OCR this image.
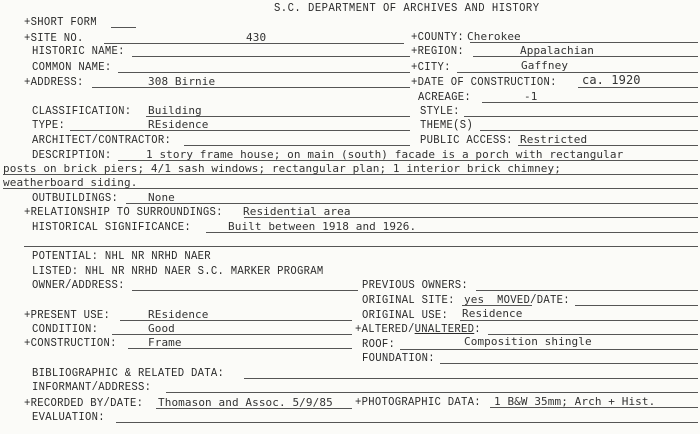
S.C. DEPARTMENT OF ARCHIVES AND HISTORY
+SHORT FORM
+SITE NO.	430	+COUNTY: Cherokee
HISTORIC NAME:	+REGION:	Appalachian
COMMON NAME:	+CITY:	Gaffney
+ADDRESS:	308 Birnie	+DATE OF CONSTRUCTION: ca. 1920
ACREAGE:	-1
CLASSIFICATION: Building	STYLE:
TYPE:	REsidence	THEME(S)
ARCHITECT/CONTRACTOR:	PUBLIC ACCESS: Restricted
DESCRIPTION:	1 story frame house; on main (south) facade is a porch with rectangular
posts on brick piers; 4/1 sash windows; rectangular plan; 1 interior brick chimney;
weatherboard siding.
OUTBUILDINGS:	None
+RELATIONSHIP TO SURROUNDINGS: Residential area
HISTORICAL SIGNIFICANCE:	Built between 1918 and 1926.
POTENTIAL: NHL NR NRHD NAER
LISTED: NHL NR NRHD NAER S.C. MARKER PROGRAM
OWNER/ADDRESS:	PREVIOUS OWNERS:
ORIGINAL SITE: yes MOVED/DATE:
+PRESENT USE:	REsidence	ORIGINAL USE: Residence
CONDITION:	Good	+ALTERED/UNALTERED:
+CONSTRUCTION:	Frame	ROOF:	Composition shingle
FOUNDATION:
BIBLIOGRAPHIC & RELATED DATA:
INFORMANT/ADDRESS:
+RECORDED BY/DATE: Thomason and Assoc. 5/9/85 +PHOTOGRAPHIC DATA: 1 B&W 35mm; Arch + Hist.
EVALUATION:
